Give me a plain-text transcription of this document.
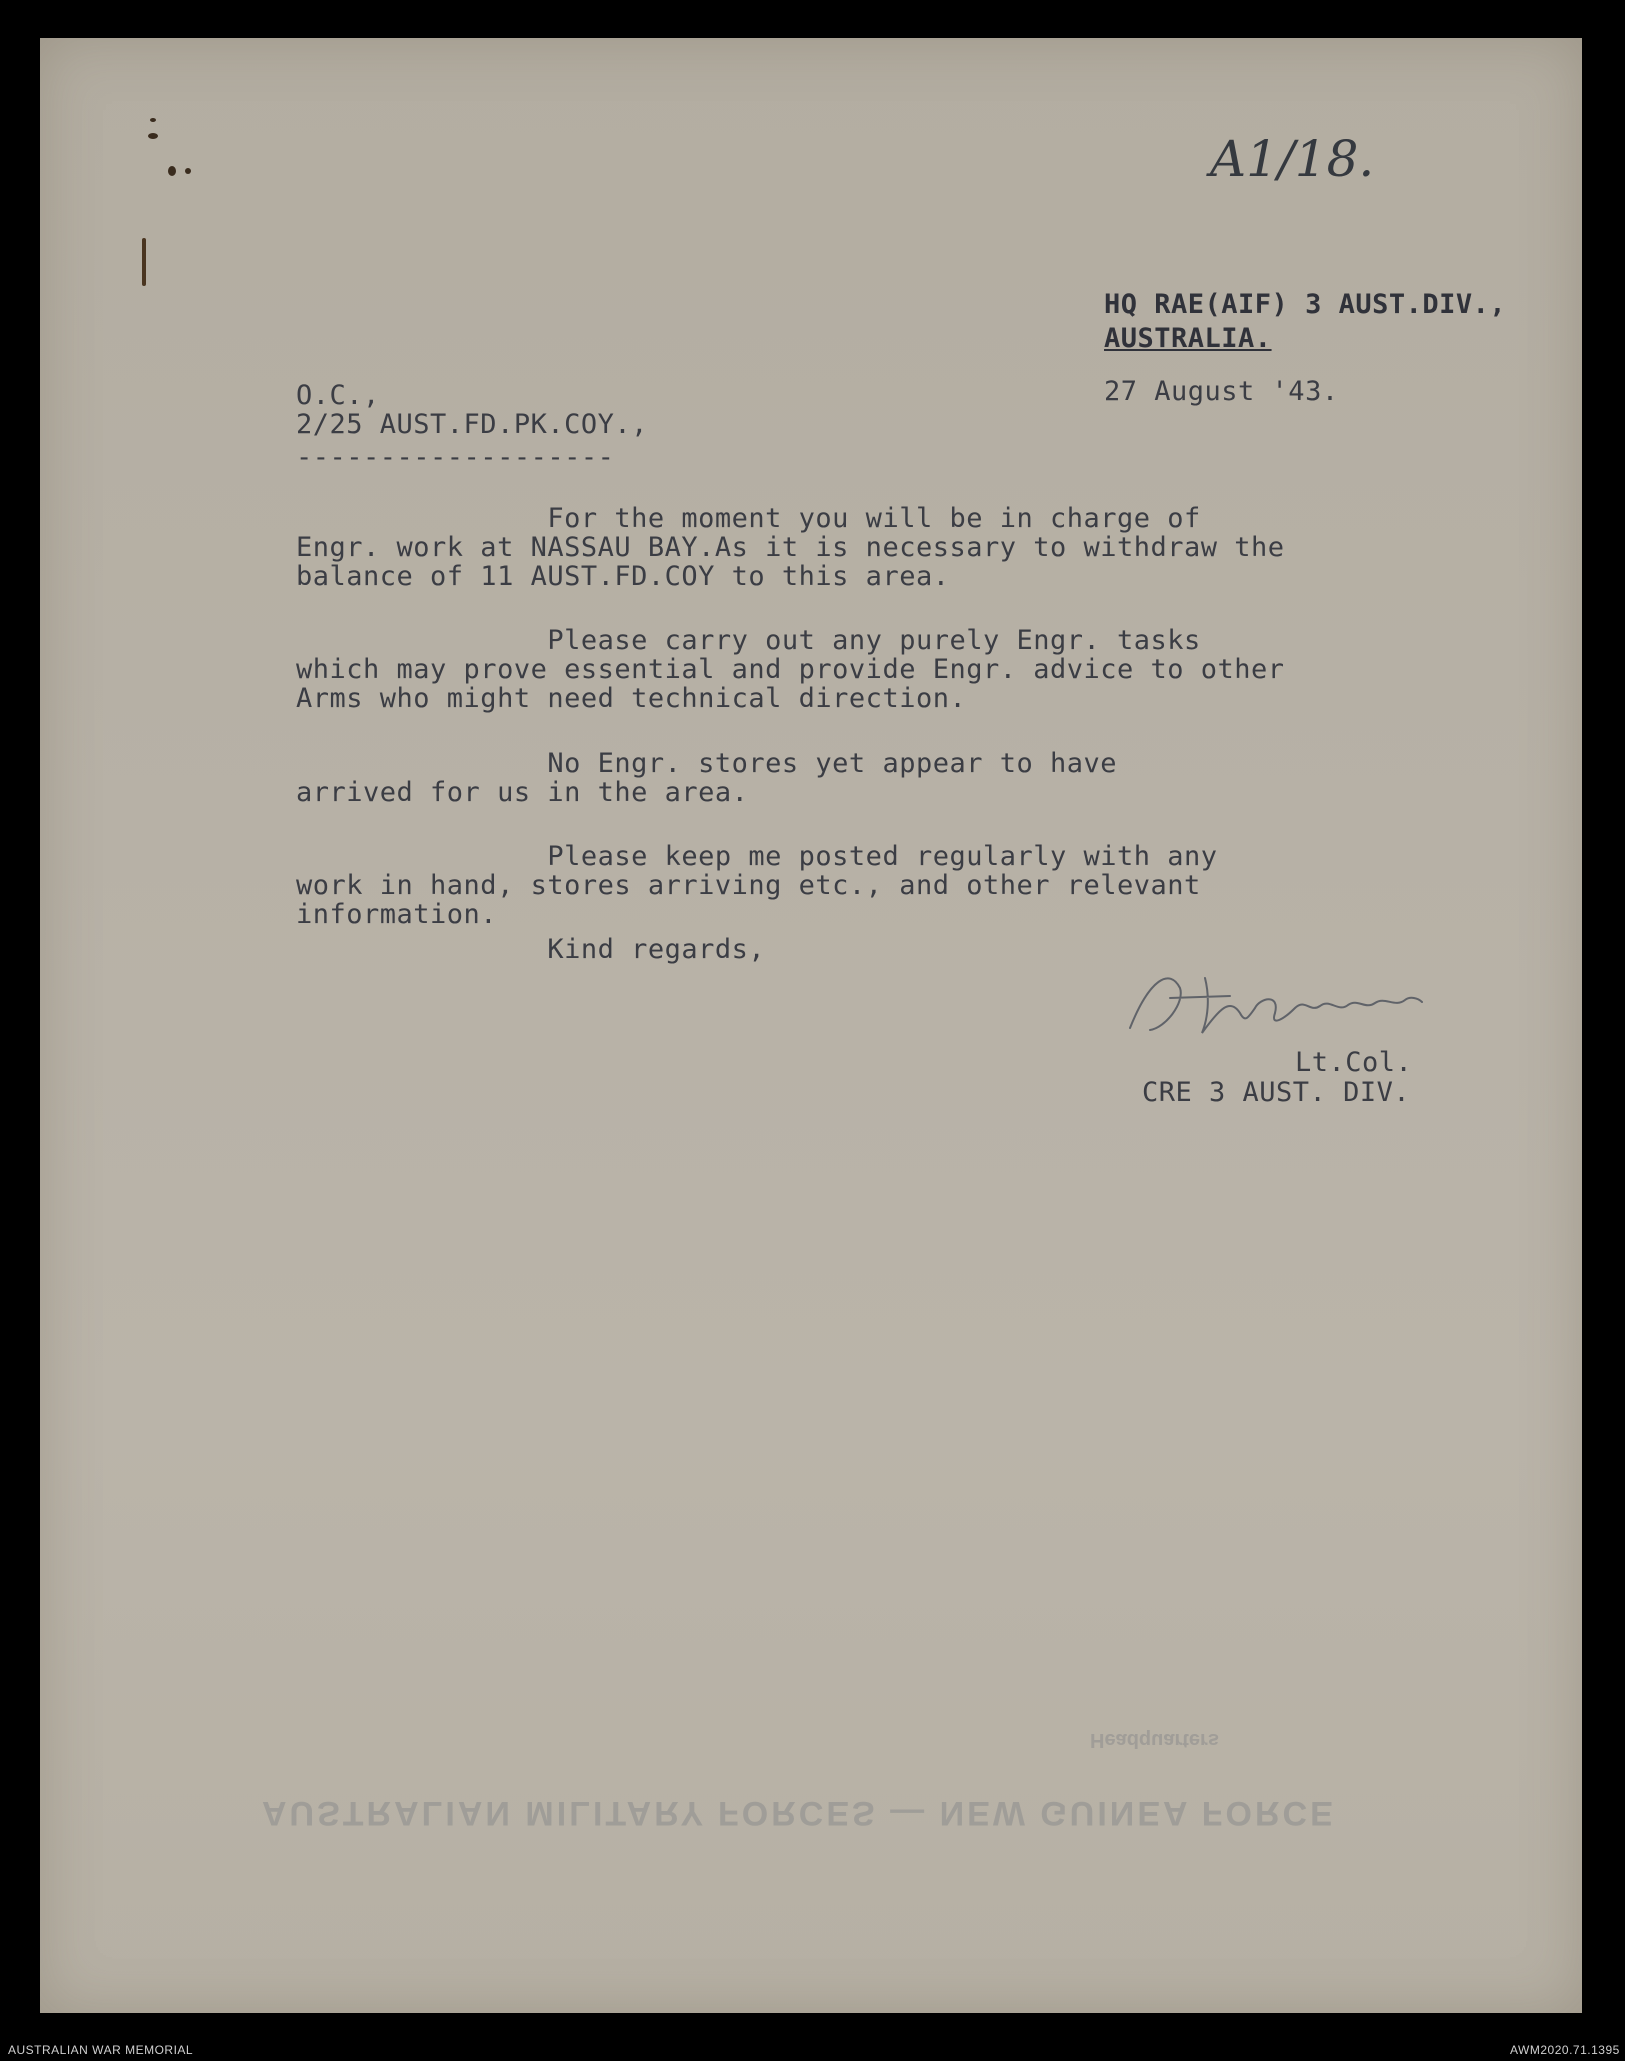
A1/18.
HQ RAE(AIF) 3 AUST.DIV.,
AUSTRALIA.
27 August '43.
O.C.,
2/25 AUST.FD.PK.COY.,
-------------------
For the moment you will be in charge of
Engr. work at NASSAU BAY.As it is necessary to withdraw the
balance of 11 AUST.FD.COY to this area.
Please carry out any purely Engr. tasks
which may prove essential and provide Engr. advice to other
Arms who might need technical direction.
No Engr. stores yet appear to have
arrived for us in the area.
Please keep me posted regularly with any
work in hand, stores arriving etc., and other relevant
information.
Kind regards,
Lt.Col.
CRE 3 AUST. DIV.
Headquarters
AUSTRALIAN MILITARY FORCES — NEW GUINEA FORCE
AUSTRALIAN WAR MEMORIAL	AWM2020.71.1395
